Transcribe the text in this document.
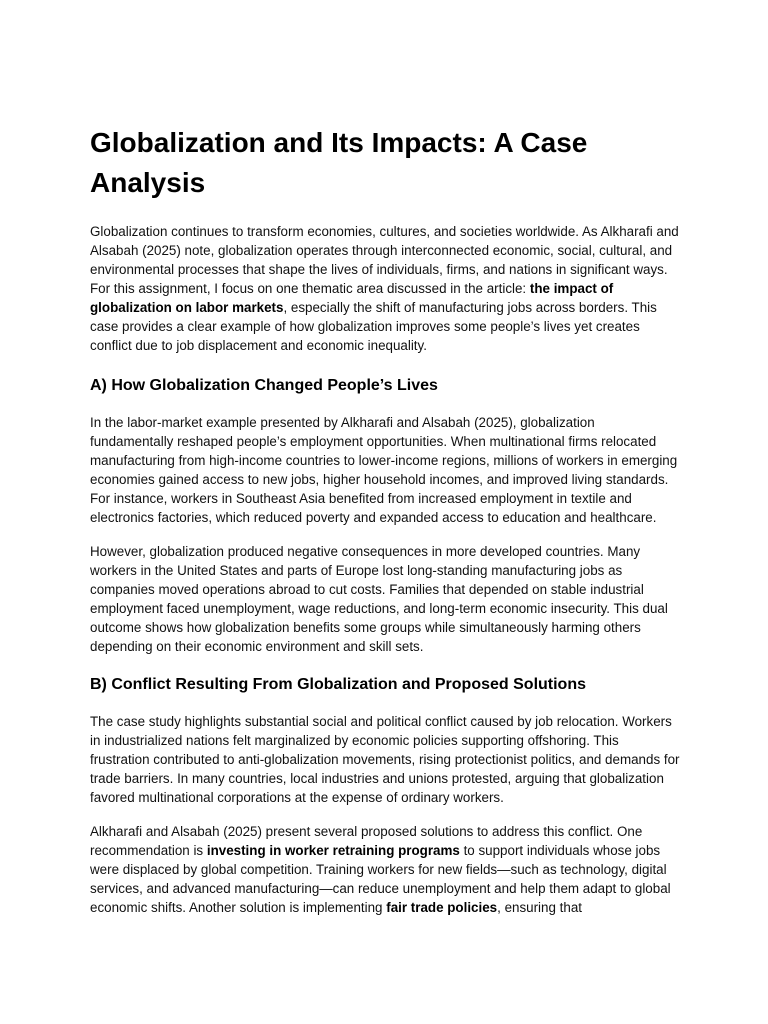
Globalization and Its Impacts: A Case Analysis

Globalization continues to transform economies, cultures, and societies worldwide. As Alkharafi and Alsabah (2025) note, globalization operates through interconnected economic, social, cultural, and environmental processes that shape the lives of individuals, firms, and nations in significant ways. For this assignment, I focus on one thematic area discussed in the article: the impact of globalization on labor markets, especially the shift of manufacturing jobs across borders. This case provides a clear example of how globalization improves some people’s lives yet creates conflict due to job displacement and economic inequality.

A) How Globalization Changed People’s Lives

In the labor-market example presented by Alkharafi and Alsabah (2025), globalization fundamentally reshaped people’s employment opportunities. When multinational firms relocated manufacturing from high-income countries to lower-income regions, millions of workers in emerging economies gained access to new jobs, higher household incomes, and improved living standards. For instance, workers in Southeast Asia benefited from increased employment in textile and electronics factories, which reduced poverty and expanded access to education and healthcare.

However, globalization produced negative consequences in more developed countries. Many workers in the United States and parts of Europe lost long-standing manufacturing jobs as companies moved operations abroad to cut costs. Families that depended on stable industrial employment faced unemployment, wage reductions, and long-term economic insecurity. This dual outcome shows how globalization benefits some groups while simultaneously harming others depending on their economic environment and skill sets.

B) Conflict Resulting From Globalization and Proposed Solutions

The case study highlights substantial social and political conflict caused by job relocation. Workers in industrialized nations felt marginalized by economic policies supporting offshoring. This frustration contributed to anti-globalization movements, rising protectionist politics, and demands for trade barriers. In many countries, local industries and unions protested, arguing that globalization favored multinational corporations at the expense of ordinary workers.

Alkharafi and Alsabah (2025) present several proposed solutions to address this conflict. One recommendation is investing in worker retraining programs to support individuals whose jobs were displaced by global competition. Training workers for new fields—such as technology, digital services, and advanced manufacturing—can reduce unemployment and help them adapt to global economic shifts. Another solution is implementing fair trade policies, ensuring that
